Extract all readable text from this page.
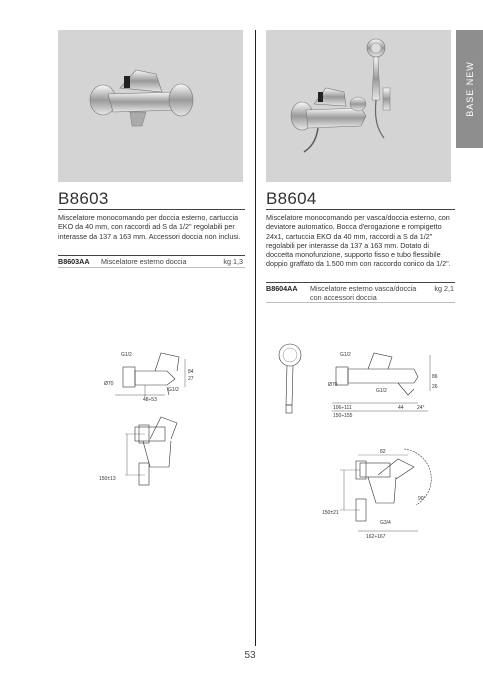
BASE NEW
B8603
Miscelatore monocomando per doccia esterno, cartuccia EKO da 40 mm, con raccordi ad S da 1/2" regolabili per interasse da 137 a 163 mm. Accessori doccia non inclusi.
B8603AA Miscelatore esterno doccia	kg 1,3
B8604
Miscelatore monocomando per vasca/doccia esterno, con deviatore automatico. Bocca d'erogazione e rompigetto 24x1, cartuccia EKO da 40 mm, raccordi a S da 1/2" regolabili per interasse da 137 a 163 mm. Dotato di doccetta monofunzione, supporto fisso e tubo flessibile doppio graffato da 1.500 mm con raccordo conico da 1/2".
B8604AA Miscelatore esterno vasca/doccia con accessori doccia
kg 2,1
G1/2
Ø70
84
27
G1/2
48÷53
150±13
G1/2
Ø70
86
26
G1/2
44	24°
106÷111
150÷155
82
150±21
G3/4
90°
162÷167
53
